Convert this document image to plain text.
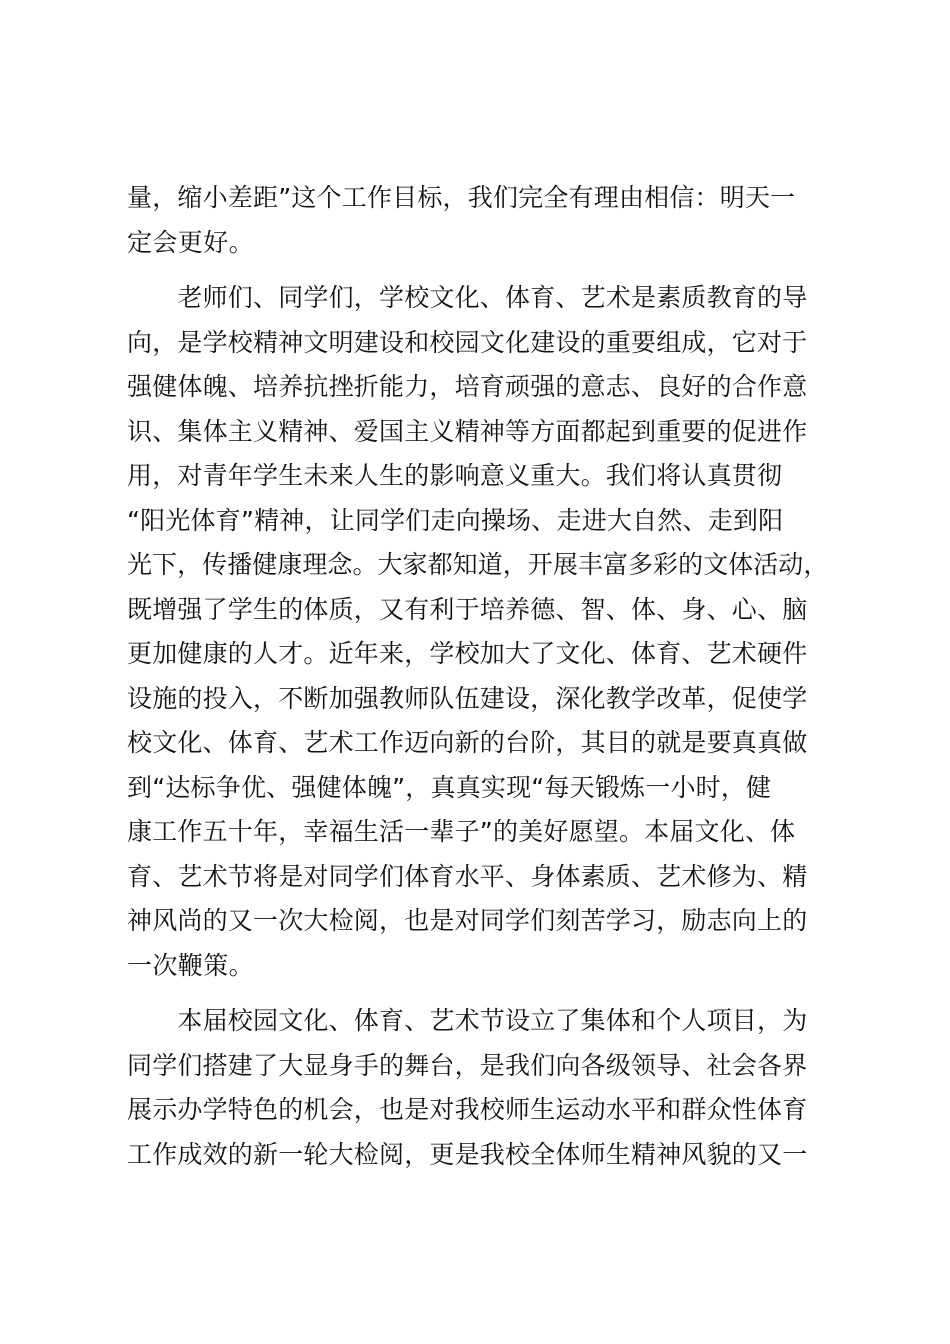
量，缩小差距”这个工作目标，我们完全有理由相信：明天一
定会更好。
　　老师们、同学们，学校文化、体育、艺术是素质教育的导
向，是学校精神文明建设和校园文化建设的重要组成，它对于
强健体魄、培养抗挫折能力，培育顽强的意志、良好的合作意
识、集体主义精神、爱国主义精神等方面都起到重要的促进作
用，对青年学生未来人生的影响意义重大。我们将认真贯彻
“阳光体育”精神，让同学们走向操场、走进大自然、走到阳
光下，传播健康理念。大家都知道，开展丰富多彩的文体活动，
既增强了学生的体质，又有利于培养德、智、体、身、心、脑
更加健康的人才。近年来，学校加大了文化、体育、艺术硬件
设施的投入，不断加强教师队伍建设，深化教学改革，促使学
校文化、体育、艺术工作迈向新的台阶，其目的就是要真真做
到“达标争优、强健体魄”，真真实现“每天锻炼一小时，健
康工作五十年，幸福生活一辈子”的美好愿望。本届文化、体
育、艺术节将是对同学们体育水平、身体素质、艺术修为、精
神风尚的又一次大检阅，也是对同学们刻苦学习，励志向上的
一次鞭策。
　　本届校园文化、体育、艺术节设立了集体和个人项目，为
同学们搭建了大显身手的舞台，是我们向各级领导、社会各界
展示办学特色的机会，也是对我校师生运动水平和群众性体育
工作成效的新一轮大检阅，更是我校全体师生精神风貌的又一
